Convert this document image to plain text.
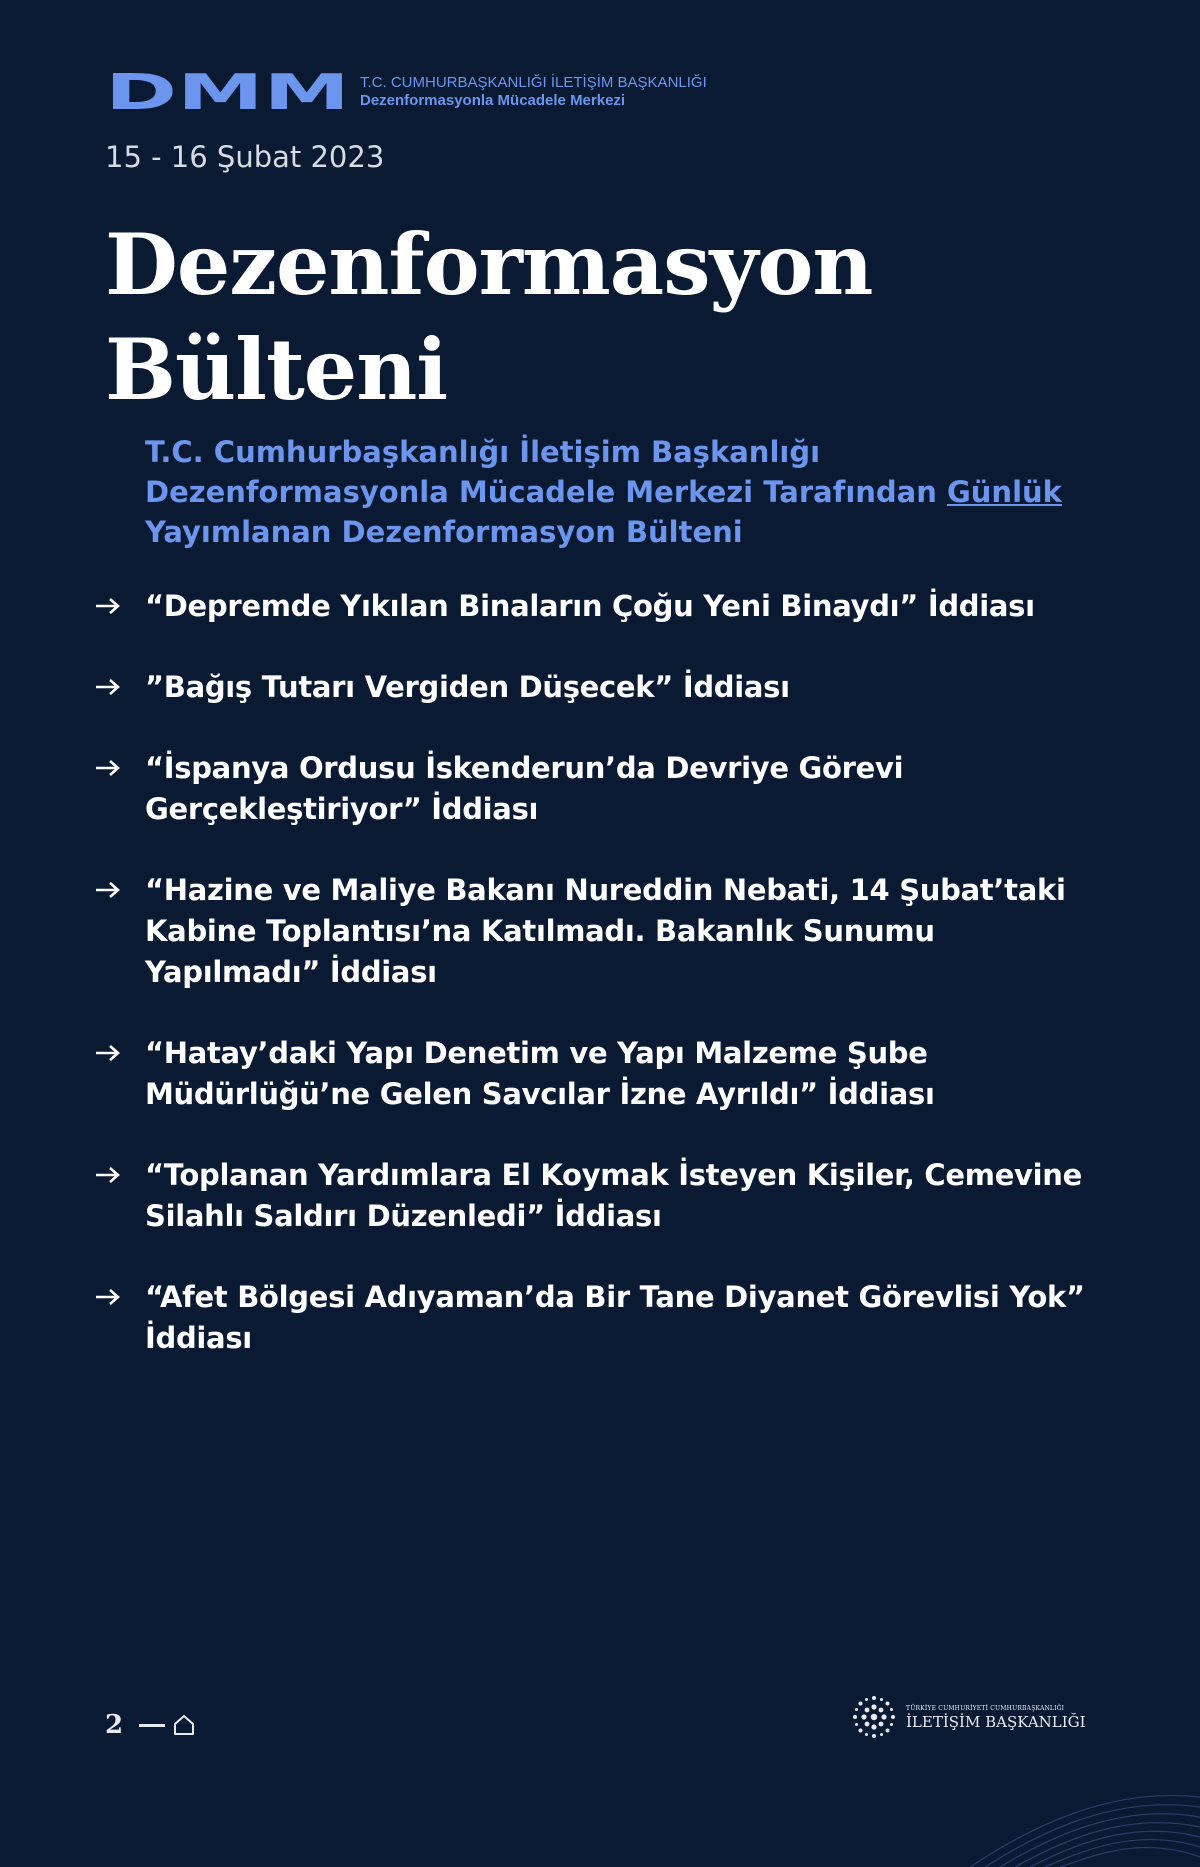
DMM T.C. CUMHURBAŞKANLIĞI İLETİŞİM BAŞKANLIĞI
Dezenformasyonla Mücadele Merkezi
15 - 16 Şubat 2023
Dezenformasyon
Bülteni
T.C. Cumhurbaşkanlığı İletişim Başkanlığı Dezenformasyonla Mücadele Merkezi Tarafından Günlük Yayımlanan Dezenformasyon Bülteni
“Depremde Yıkılan Binaların Çoğu Yeni Binaydı” İddiası
”Bağış Tutarı Vergiden Düşecek” İddiası
“İspanya Ordusu İskenderun’da Devriye Görevi Gerçekleştiriyor” İddiası
“Hazine ve Maliye Bakanı Nureddin Nebati, 14 Şubat’taki Kabine Toplantısı’na Katılmadı. Bakanlık Sunumu Yapılmadı” İddiası
“Hatay’daki Yapı Denetim ve Yapı Malzeme Şube Müdürlüğü’ne Gelen Savcılar İzne Ayrıldı” İddiası
“Toplanan Yardımlara El Koymak İsteyen Kişiler, Cemevine Silahlı Saldırı Düzenledi” İddiası
“Afet Bölgesi Adıyaman’da Bir Tane Diyanet Görevlisi Yok” İddiası
2
TÜRKİYE CUMHURİYETİ CUMHURBAŞKANLIĞI
İLETİŞİM BAŞKANLIĞI
